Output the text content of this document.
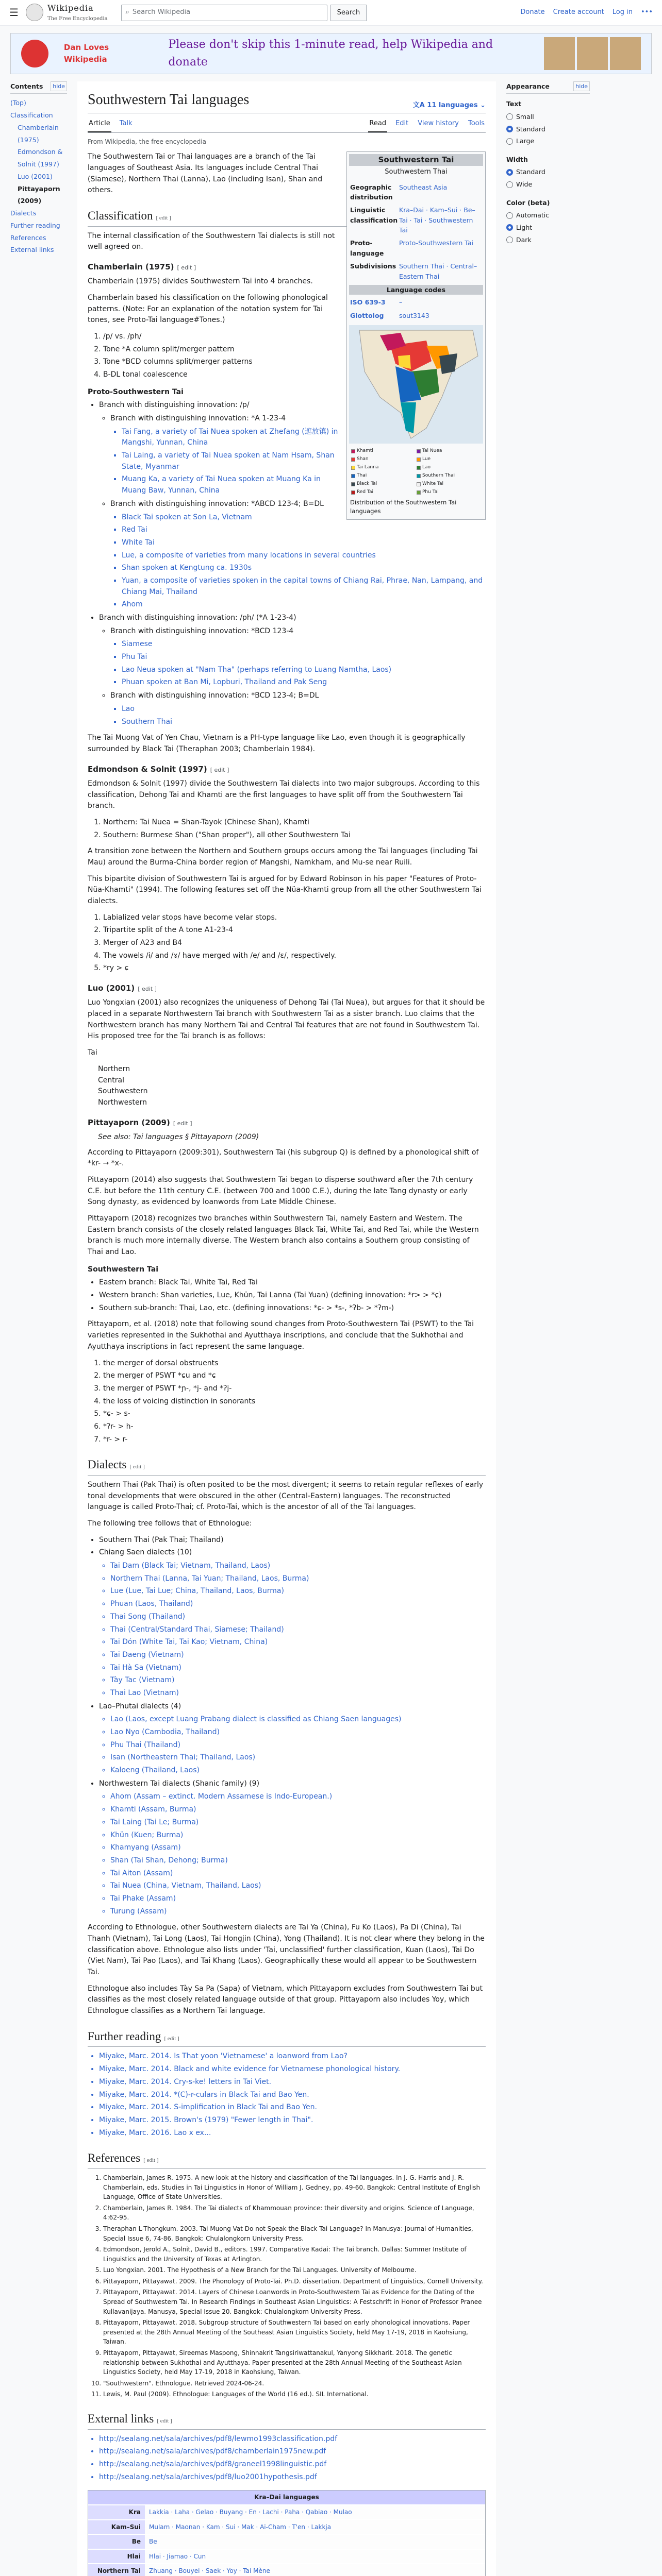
☰	Wikipedia
The Free Encyclopedia
⌕ Search Wikipedia	Search	Donate Create account Log in •••
Dan Loves Wikipedia
Please don't skip this 1-minute read, help Wikipedia and donate
Contents	hide
(Top)
Classification
Chamberlain (1975)
Edmondson & Solnit (1997)
Luo (2001)
Pittayaporn (2009)
Dialects
Further reading
References
External links
Southwestern Tai languages	文A 11 languages ⌄
Article Talk	Read Edit View history Tools
From Wikipedia, the free encyclopedia
Southwestern Tai
Southwestern Thai
Geographic distribution
Southeast Asia
Linguistic classification
Kra–Dai · Kam–Sui · Be–Tai · Tai · Southwestern Tai
Proto-language
Proto-Southwestern Tai
Subdivisions Southern Thai · Central–Eastern Thai
Language codes
ISO 639-3	–
Glottolog	sout3143
Khamti	Tai Nuea
Shan	Lue
Tai Lanna	Lao
Thai	Southern Thai
Black Tai	White Tai
Red Tai	Phu Tai
Distribution of the Southwestern Tai languages

The Southwestern Tai or Thai languages are a branch of the Tai languages of Southeast Asia. Its languages include Central Thai (Siamese), Northern Thai (Lanna), Lao (including Isan), Shan and others.

Classification [ edit ]

The internal classification of the Southwestern Tai dialects is still not well agreed on.

Chamberlain (1975) [ edit ]

Chamberlain (1975) divides Southwestern Tai into 4 branches.

Chamberlain based his classification on the following phonological patterns. (Note: For an explanation of the notation system for Tai tones, see Proto-Tai language#Tones.)

1. /p/ vs. /ph/
2. Tone *A column split/merger pattern
3. Tone *BCD columns split/merger patterns
4. B-DL tonal coalescence
Proto-Southwestern Tai
• Branch with distinguishing innovation: /p/
◦ Branch with distinguishing innovation: *A 1-23-4
▪ Tai Fang, a variety of Tai Nuea spoken at Zhefang (遮放镇) in Mangshi, Yunnan, China
▪ Tai Laing, a variety of Tai Nuea spoken at Nam Hsam, Shan State, Myanmar
▪ Muang Ka, a variety of Tai Nuea spoken at Muang Ka in Muang Baw, Yunnan, China
◦ Branch with distinguishing innovation: *ABCD 123-4; B=DL
▪ Black Tai spoken at Son La, Vietnam
▪ Red Tai
▪ White Tai
▪ Lue, a composite of varieties from many locations in several countries
▪ Shan spoken at Kengtung ca. 1930s
▪ Yuan, a composite of varieties spoken in the capital towns of Chiang Rai, Phrae, Nan, Lampang, and Chiang Mai, Thailand
▪ Ahom
• Branch with distinguishing innovation: /ph/ (*A 1-23-4)
◦ Branch with distinguishing innovation: *BCD 123-4
▪ Siamese
▪ Phu Tai
▪ Lao Neua spoken at "Nam Tha" (perhaps referring to Luang Namtha, Laos)
▪ Phuan spoken at Ban Mi, Lopburi, Thailand and Pak Seng
◦ Branch with distinguishing innovation: *BCD 123-4; B=DL
▪ Lao
▪ Southern Thai

The Tai Muong Vat of Yen Chau, Vietnam is a PH-type language like Lao, even though it is geographically surrounded by Black Tai (Theraphan 2003; Chamberlain 1984).

Edmondson & Solnit (1997) [ edit ]

Edmondson & Solnit (1997) divide the Southwestern Tai dialects into two major subgroups. According to this classification, Dehong Tai and Khamti are the first languages to have split off from the Southwestern Tai branch.

1. Northern: Tai Nuea = Shan-Tayok (Chinese Shan), Khamti
2. Southern: Burmese Shan ("Shan proper"), all other Southwestern Tai

A transition zone between the Northern and Southern groups occurs among the Tai languages (including Tai Mau) around the Burma-China border region of Mangshi, Namkham, and Mu-se near Ruili.

This bipartite division of Southwestern Tai is argued for by Edward Robinson in his paper "Features of Proto-Nüa-Khamti" (1994). The following features set off the Nüa-Khamti group from all the other Southwestern Tai dialects.

1. Labialized velar stops have become velar stops.
2. Tripartite split of the A tone A1-23-4
3. Merger of A23 and B4
4. The vowels /ɨ/ and /ɤ/ have merged with /e/ and /ɛ/, respectively.
5. *ry > ɕ
Luo (2001) [ edit ]

Luo Yongxian (2001) also recognizes the uniqueness of Dehong Tai (Tai Nuea), but argues for that it should be placed in a separate Northwestern Tai branch with Southwestern Tai as a sister branch. Luo claims that the Northwestern branch has many Northern Tai and Central Tai features that are not found in Southwestern Tai. His proposed tree for the Tai branch is as follows:

Tai

Northern
Central
Southwestern
Northwestern
Pittayaporn (2009) [ edit ]
See also: Tai languages § Pittayaporn (2009)

According to Pittayaporn (2009:301), Southwestern Tai (his subgroup Q) is defined by a phonological shift of *kr- → *x-.

Pittayaporn (2014) also suggests that Southwestern Tai began to disperse southward after the 7th century C.E. but before the 11th century C.E. (between 700 and 1000 C.E.), during the late Tang dynasty or early Song dynasty, as evidenced by loanwords from Late Middle Chinese.

Pittayaporn (2018) recognizes two branches within Southwestern Tai, namely Eastern and Western. The Eastern branch consists of the closely related languages Black Tai, White Tai, and Red Tai, while the Western branch is much more internally diverse. The Western branch also contains a Southern group consisting of Thai and Lao.

Southwestern Tai
• Eastern branch: Black Tai, White Tai, Red Tai
• Western branch: Shan varieties, Lue, Khün, Tai Lanna (Tai Yuan) (defining innovation: *r> > *ɕ)
• Southern sub-branch: Thai, Lao, etc. (defining innovations: *ɕ- > *s-, *ʔb- > *ʔm-)

Pittayaporn, et al. (2018) note that following sound changes from Proto-Southwestern Tai (PSWT) to the Tai varieties represented in the Sukhothai and Ayutthaya inscriptions, and conclude that the Sukhothai and Ayutthaya inscriptions in fact represent the same language.

1. the merger of dorsal obstruents
2. the merger of PSWT *ɕu and *ɕ
3. the merger of PSWT *ɲ-, *j- and *ʔj-
4. the loss of voicing distinction in sonorants
5. *ɕ- > s-
6. *ʔr- > h-
7. *r- > r-
Dialects [ edit ]

Southern Thai (Pak Thai) is often posited to be the most divergent; it seems to retain regular reflexes of early tonal developments that were obscured in the other (Central-Eastern) languages. The reconstructed language is called Proto-Thai; cf. Proto-Tai, which is the ancestor of all of the Tai languages.

The following tree follows that of Ethnologue:

• Southern Thai (Pak Thai; Thailand)
• Chiang Saen dialects (10)
◦ Tai Dam (Black Tai; Vietnam, Thailand, Laos)
◦ Northern Thai (Lanna, Tai Yuan; Thailand, Laos, Burma)
◦ Lue (Lue, Tai Lue; China, Thailand, Laos, Burma)
◦ Phuan (Laos, Thailand)
◦ Thai Song (Thailand)
◦ Thai (Central/Standard Thai, Siamese; Thailand)
◦ Tai Dón (White Tai, Tai Kao; Vietnam, China)
◦ Tai Daeng (Vietnam)
◦ Tai Hà Sa (Vietnam)
◦ Tày Tac (Vietnam)
◦ Thai Lao (Vietnam)
• Lao–Phutai dialects (4)
◦ Lao (Laos, except Luang Prabang dialect is classified as Chiang Saen languages)
◦ Lao Nyo (Cambodia, Thailand)
◦ Phu Thai (Thailand)
◦ Isan (Northeastern Thai; Thailand, Laos)
◦ Kaloeng (Thailand, Laos)
• Northwestern Tai dialects (Shanic family) (9)
◦ Ahom (Assam – extinct. Modern Assamese is Indo-European.)
◦ Khamti (Assam, Burma)
◦ Tai Laing (Tai Le; Burma)
◦ Khün (Kuen; Burma)
◦ Khamyang (Assam)
◦ Shan (Tai Shan, Dehong; Burma)
◦ Tai Aiton (Assam)
◦ Tai Nuea (China, Vietnam, Thailand, Laos)
◦ Tai Phake (Assam)
◦ Turung (Assam)

According to Ethnologue, other Southwestern dialects are Tai Ya (China), Fu Ko (Laos), Pa Di (China), Tai Thanh (Vietnam), Tai Long (Laos), Tai Hongjin (China), Yong (Thailand). It is not clear where they belong in the classification above. Ethnologue also lists under 'Tai, unclassified' further classification, Kuan (Laos), Tai Do (Viet Nam), Tai Pao (Laos), and Tai Khang (Laos). Geographically these would all appear to be Southwestern Tai.

Ethnologue also includes Tày Sa Pa (Sapa) of Vietnam, which Pittayaporn excludes from Southwestern Tai but classifies as the most closely related language outside of that group. Pittayaporn also includes Yoy, which Ethnologue classifies as a Northern Tai language.

Further reading [ edit ]
• Miyake, Marc. 2014. Is That yoon 'Vietnamese' a loanword from Lao?
• Miyake, Marc. 2014. Black and white evidence for Vietnamese phonological history.
• Miyake, Marc. 2014. Cry-s-ke! letters in Tai Viet.
• Miyake, Marc. 2014. *(C)-r-culars in Black Tai and Bao Yen.
• Miyake, Marc. 2014. S-implification in Black Tai and Bao Yen.
• Miyake, Marc. 2015. Brown's (1979) "Fewer length in Thai".
• Miyake, Marc. 2016. Lao x ex...
References [ edit ]
1. Chamberlain, James R. 1975. A new look at the history and classification of the Tai languages. In J. G. Harris and J. R. Chamberlain, eds. Studies in Tai Linguistics in Honor of William J. Gedney, pp. 49-60. Bangkok: Central Institute of English Language, Office of State Universities.
2. Chamberlain, James R. 1984. The Tai dialects of Khammouan province: their diversity and origins. Science of Language, 4:62-95.
3. Theraphan L-Thongkum. 2003. Tai Muong Vat Do not Speak the Black Tai Language? In Manusya: Journal of Humanities, Special Issue 6, 74-86. Bangkok: Chulalongkorn University Press.
4. Edmondson, Jerold A., Solnit, David B., editors. 1997. Comparative Kadai: The Tai branch. Dallas: Summer Institute of Linguistics and the University of Texas at Arlington.
5. Luo Yongxian. 2001. The Hypothesis of a New Branch for the Tai Languages. University of Melbourne.
6. Pittayaporn, Pittayawat. 2009. The Phonology of Proto-Tai. Ph.D. dissertation. Department of Linguistics, Cornell University.
7. Pittayaporn, Pittayawat. 2014. Layers of Chinese Loanwords in Proto-Southwestern Tai as Evidence for the Dating of the Spread of Southwestern Tai. In Research Findings in Southeast Asian Linguistics: A Festschrift in Honor of Professor Pranee Kullavanijaya. Manusya, Special Issue 20. Bangkok: Chulalongkorn University Press.
8. Pittayaporn, Pittayawat. 2018. Subgroup structure of Southwestern Tai based on early phonological innovations. Paper presented at the 28th Annual Meeting of the Southeast Asian Linguistics Society, held May 17-19, 2018 in Kaohsiung, Taiwan.
9. Pittayaporn, Pittayawat, Sireemas Maspong, Shinnakrit Tangsiriwattanakul, Yanyong Sikkharit. 2018. The genetic relationship between Sukhothai and Ayutthaya. Paper presented at the 28th Annual Meeting of the Southeast Asian Linguistics Society, held May 17-19, 2018 in Kaohsiung, Taiwan.
10. "Southwestern". Ethnologue. Retrieved 2024-06-24.
11. Lewis, M. Paul (2009). Ethnologue: Languages of the World (16 ed.). SIL International.
External links [ edit ]
• http://sealang.net/sala/archives/pdf8/lewmo1993classification.pdf
• http://sealang.net/sala/archives/pdf8/chamberlain1975new.pdf
• http://sealang.net/sala/archives/pdf8/graneel1998linguistic.pdf
• http://sealang.net/sala/archives/pdf8/luo2001hypothesis.pdf
Kra–Dai languages
Kra	Lakkia · Laha · Gelao · Buyang · En · Lachi · Paha · Qabiao · Mulao
Kam–Sui	Mulam · Maonan · Kam · Sui · Mak · Ai-Cham · T'en · Lakkja
Be	Be
Hlai	Hlai · Jiamao · Cun
Northern Tai	Zhuang · Bouyei · Saek · Yoy · Tai Mène
Appearance	hide
Text
Small
Standard
Large
Width
Standard
Wide
Color (beta)
Automatic
Light
Dark
